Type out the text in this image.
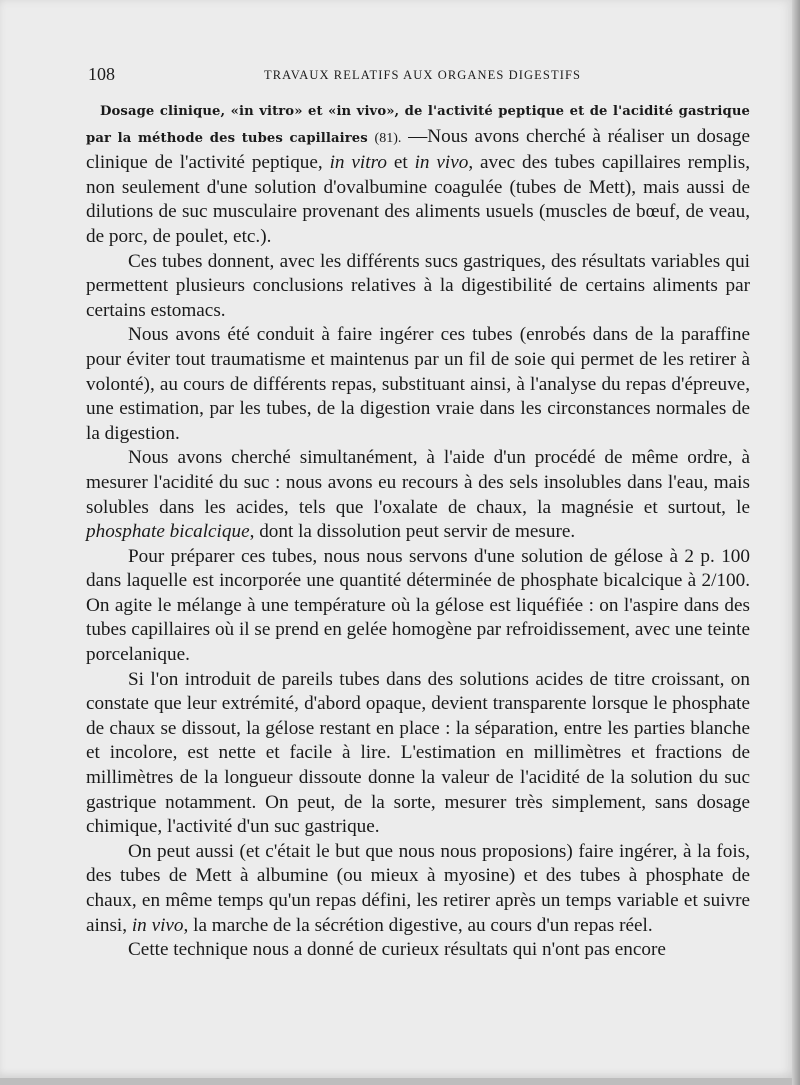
108	TRAVAUX RELATIFS AUX ORGANES DIGESTIFS

Dosage clinique, «in vitro» et «in vivo», de l'activité peptique et de l'acidité gastrique par la méthode des tubes capillaires (81). —Nous avons cherché à réaliser un dosage clinique de l'activité peptique, in vitro et in vivo, avec des tubes capillaires remplis, non seulement d'une solution d'ovalbumine coagulée (tubes de Mett), mais aussi de dilutions de suc musculaire provenant des aliments usuels (muscles de bœuf, de veau, de porc, de poulet, etc.).

Ces tubes donnent, avec les différents sucs gastriques, des résultats variables qui permettent plusieurs conclusions relatives à la digestibilité de certains aliments par certains estomacs.

Nous avons été conduit à faire ingérer ces tubes (enrobés dans de la paraffine pour éviter tout traumatisme et maintenus par un fil de soie qui permet de les retirer à volonté), au cours de différents repas, substituant ainsi, à l'analyse du repas d'épreuve, une estimation, par les tubes, de la digestion vraie dans les circonstances normales de la digestion.

Nous avons cherché simultanément, à l'aide d'un procédé de même ordre, à mesurer l'acidité du suc : nous avons eu recours à des sels insolubles dans l'eau, mais solubles dans les acides, tels que l'oxalate de chaux, la magnésie et surtout, le phosphate bicalcique, dont la dissolution peut servir de mesure.

Pour préparer ces tubes, nous nous servons d'une solution de gélose à 2 p. 100 dans laquelle est incorporée une quantité déterminée de phosphate bicalcique à 2/100. On agite le mélange à une température où la gélose est liquéfiée : on l'aspire dans des tubes capillaires où il se prend en gelée homogène par refroidissement, avec une teinte porcelanique.

Si l'on introduit de pareils tubes dans des solutions acides de titre croissant, on constate que leur extrémité, d'abord opaque, devient transparente lorsque le phosphate de chaux se dissout, la gélose restant en place : la séparation, entre les parties blanche et incolore, est nette et facile à lire. L'estimation en millimètres et fractions de millimètres de la longueur dissoute donne la valeur de l'acidité de la solution du suc gastrique notamment. On peut, de la sorte, mesurer très simplement, sans dosage chimique, l'activité d'un suc gastrique.

On peut aussi (et c'était le but que nous nous proposions) faire ingérer, à la fois, des tubes de Mett à albumine (ou mieux à myosine) et des tubes à phosphate de chaux, en même temps qu'un repas défini, les retirer après un temps variable et suivre ainsi, in vivo, la marche de la sécrétion digestive, au cours d'un repas réel.

Cette technique nous a donné de curieux résultats qui n'ont pas encore
